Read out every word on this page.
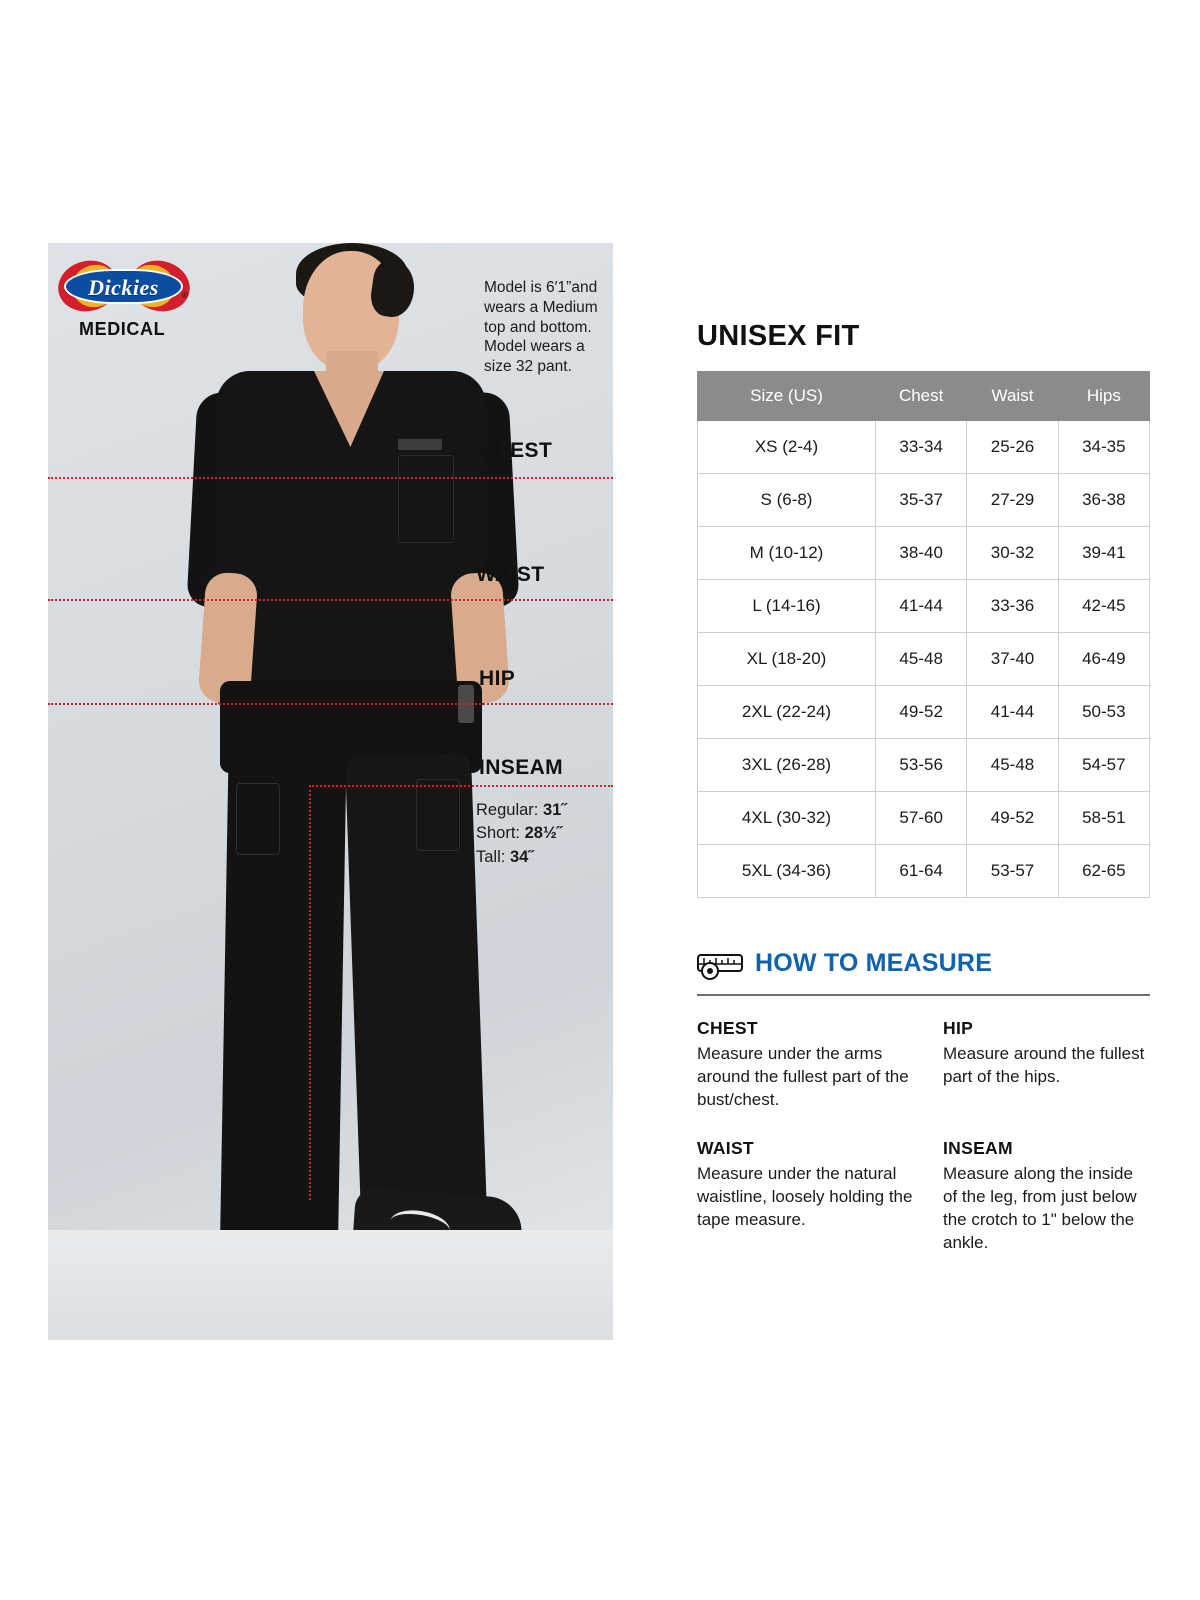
Dickies	®
MEDICAL
Model is 6′1”and wears a Medium top and bottom. Model wears a size 32 pant.
CHEST
WAIST
HIP
INSEAM
Regular: 31˝
Short: 28½˝
Tall: 34˝
UNISEX FIT
Size (US)	Chest	Waist	Hips
XS (2-4)	33-34	25-26	34-35
S (6-8)	35-37	27-29	36-38
M (10-12)	38-40	30-32	39-41
L (14-16)	41-44	33-36	42-45
XL (18-20)	45-48	37-40	46-49
2XL (22-24)	49-52	41-44	50-53
3XL (26-28)	53-56	45-48	54-57
4XL (30-32)	57-60	49-52	58-51
5XL (34-36)	61-64	53-57	62-65
HOW TO MEASURE
CHEST

Measure under the arms around the fullest part of the bust/chest.

HIP

Measure around the fullest part of the hips.

WAIST

Measure under the natural waistline, loosely holding the tape measure.

INSEAM

Measure along the inside of the leg, from just below the crotch to 1" below the ankle.
